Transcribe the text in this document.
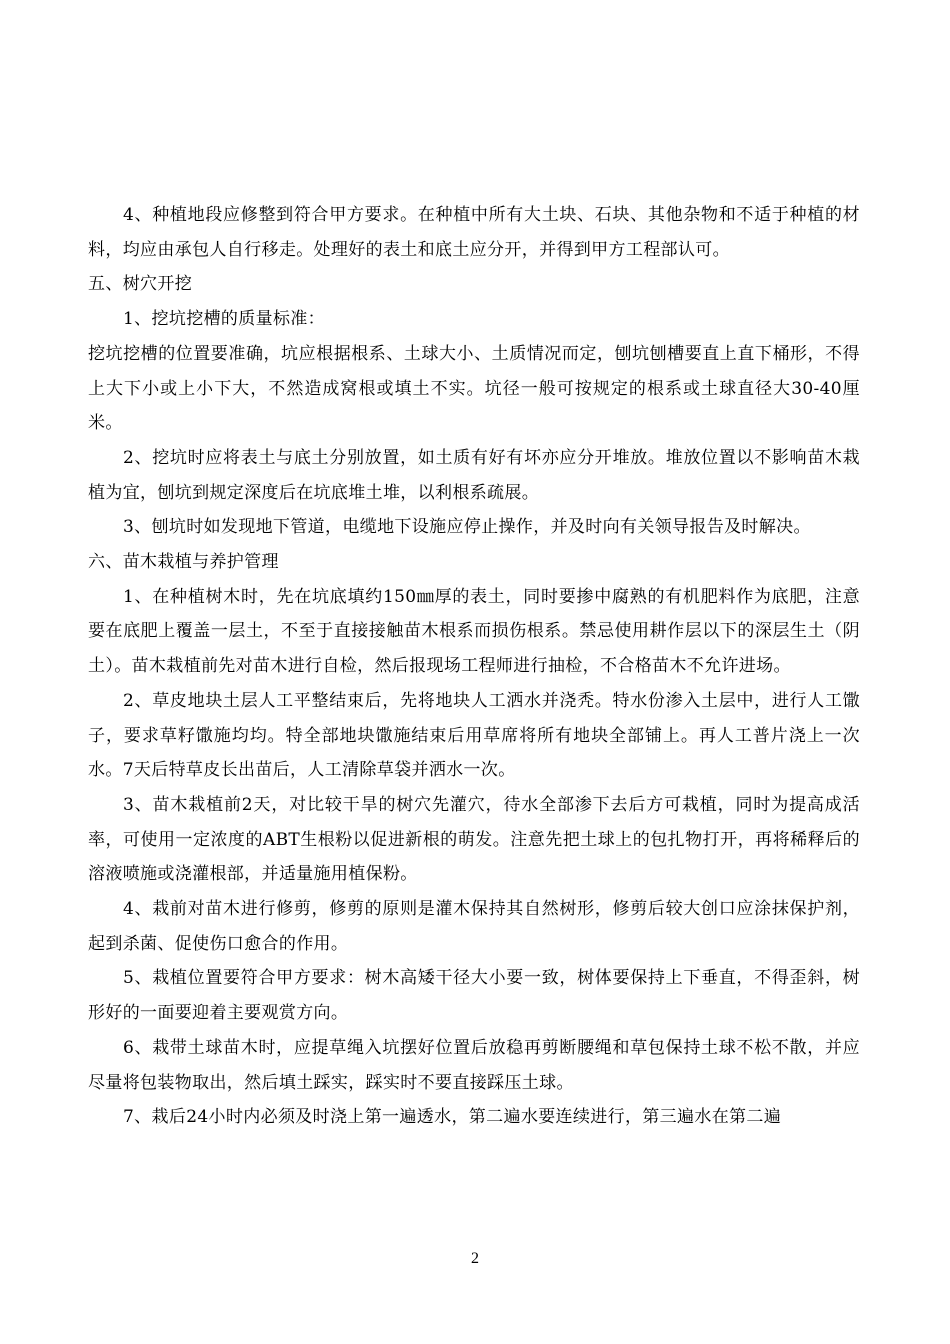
4、种植地段应修整到符合甲方要求。在种植中所有大土块、石块、其他杂物和不适于种植的材料，均应由承包人自行移走。处理好的表土和底土应分开，并得到甲方工程部认可。

五、树穴开挖

1、挖坑挖槽的质量标准：

挖坑挖槽的位置要准确，坑应根据根系、土球大小、土质情况而定，刨坑刨槽要直上直下桶形，不得上大下小或上小下大，不然造成窝根或填土不实。坑径一般可按规定的根系或土球直径大30-40厘米。

2、挖坑时应将表土与底土分别放置，如土质有好有坏亦应分开堆放。堆放位置以不影响苗木栽植为宜，刨坑到规定深度后在坑底堆土堆，以利根系疏展。

3、刨坑时如发现地下管道，电缆地下设施应停止操作，并及时向有关领导报告及时解决。

六、苗木栽植与养护管理

1、在种植树木时，先在坑底填约150㎜厚的表土，同时要掺中腐熟的有机肥料作为底肥，注意要在底肥上覆盖一层土，不至于直接接触苗木根系而损伤根系。禁忌使用耕作层以下的深层生土（阴土）。苗木栽植前先对苗木进行自检，然后报现场工程师进行抽检，不合格苗木不允许进场。

2、草皮地块土层人工平整结束后，先将地块人工洒水并浇秃。特水份渗入土层中，进行人工馓子，要求草籽馓施均均。特全部地块馓施结束后用草席将所有地块全部铺上。再人工普片浇上一次水。7天后特草皮长出苗后，人工清除草袋并洒水一次。

3、苗木栽植前2天，对比较干旱的树穴先灌穴，待水全部渗下去后方可栽植，同时为提高成活率，可使用一定浓度的ABT生根粉以促进新根的萌发。注意先把土球上的包扎物打开，再将稀释后的溶液喷施或浇灌根部，并适量施用植保粉。

4、栽前对苗木进行修剪，修剪的原则是灌木保持其自然树形，修剪后较大创口应涂抹保护剂，起到杀菌、促使伤口愈合的作用。

5、栽植位置要符合甲方要求：树木高矮干径大小要一致，树体要保持上下垂直，不得歪斜，树形好的一面要迎着主要观赏方向。

6、栽带土球苗木时，应提草绳入坑摆好位置后放稳再剪断腰绳和草包保持土球不松不散，并应尽量将包装物取出，然后填土踩实，踩实时不要直接踩压土球。

7、栽后24小时内必须及时浇上第一遍透水，第二遍水要连续进行，第三遍水在第二遍

2
